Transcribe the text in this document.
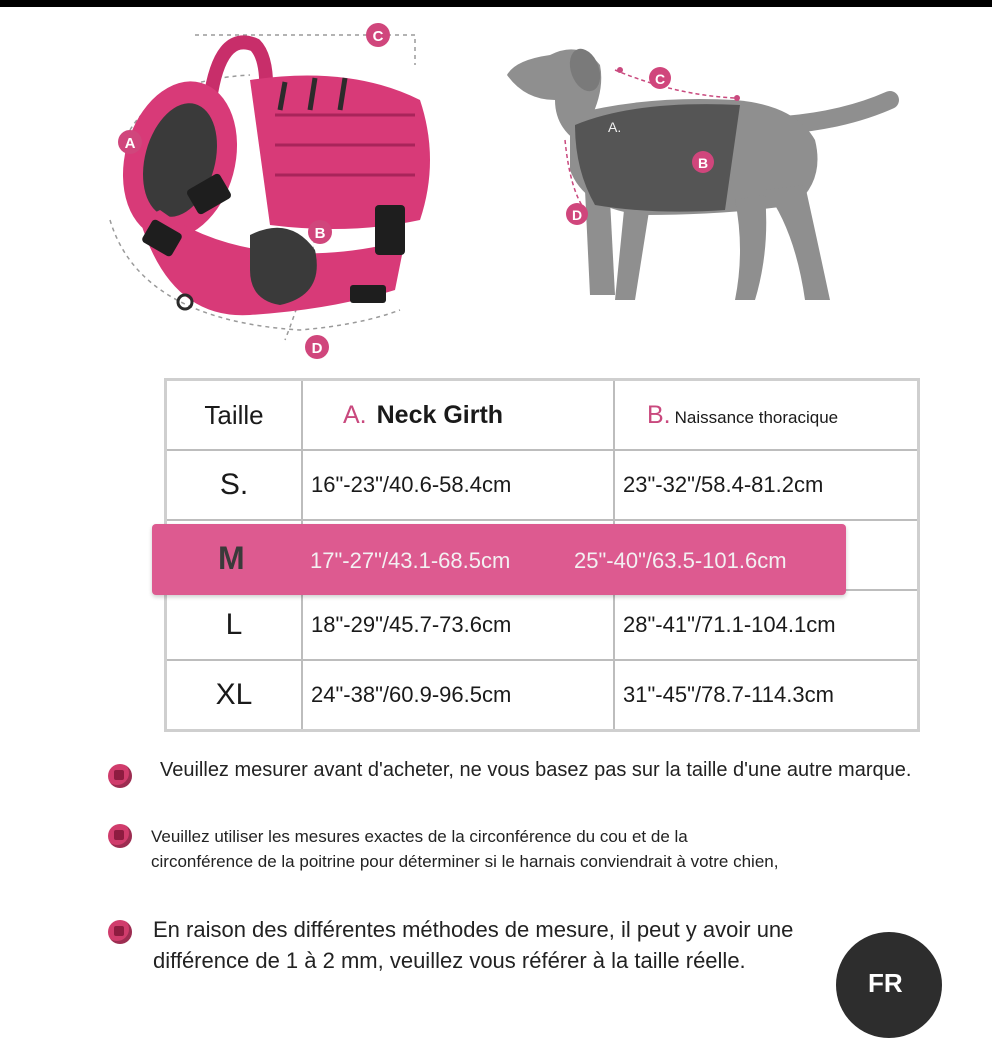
A
B
C
D
A.
B
C
D
Taille	A. Neck Girth	B. Naissance thoracique
S.	16"-23"/40.6-58.4cm	23"-32"/58.4-81.2cm

L	18"-29"/45.7-73.6cm	28"-41"/71.1-104.1cm
XL	24"-38"/60.9-96.5cm	31"-45"/78.7-114.3cm
M	17"-27"/43.1-68.5cm	25"-40"/63.5-101.6cm
Veuillez mesurer avant d'acheter, ne vous basez pas sur la taille d'une autre marque.
Veuillez utiliser les mesures exactes de la circonférence du cou et de la
circonférence de la poitrine pour déterminer si le harnais conviendrait à votre chien,
En raison des différentes méthodes de mesure, il peut y avoir une
différence de 1 à 2 mm, veuillez vous référer à la taille réelle.
FR
